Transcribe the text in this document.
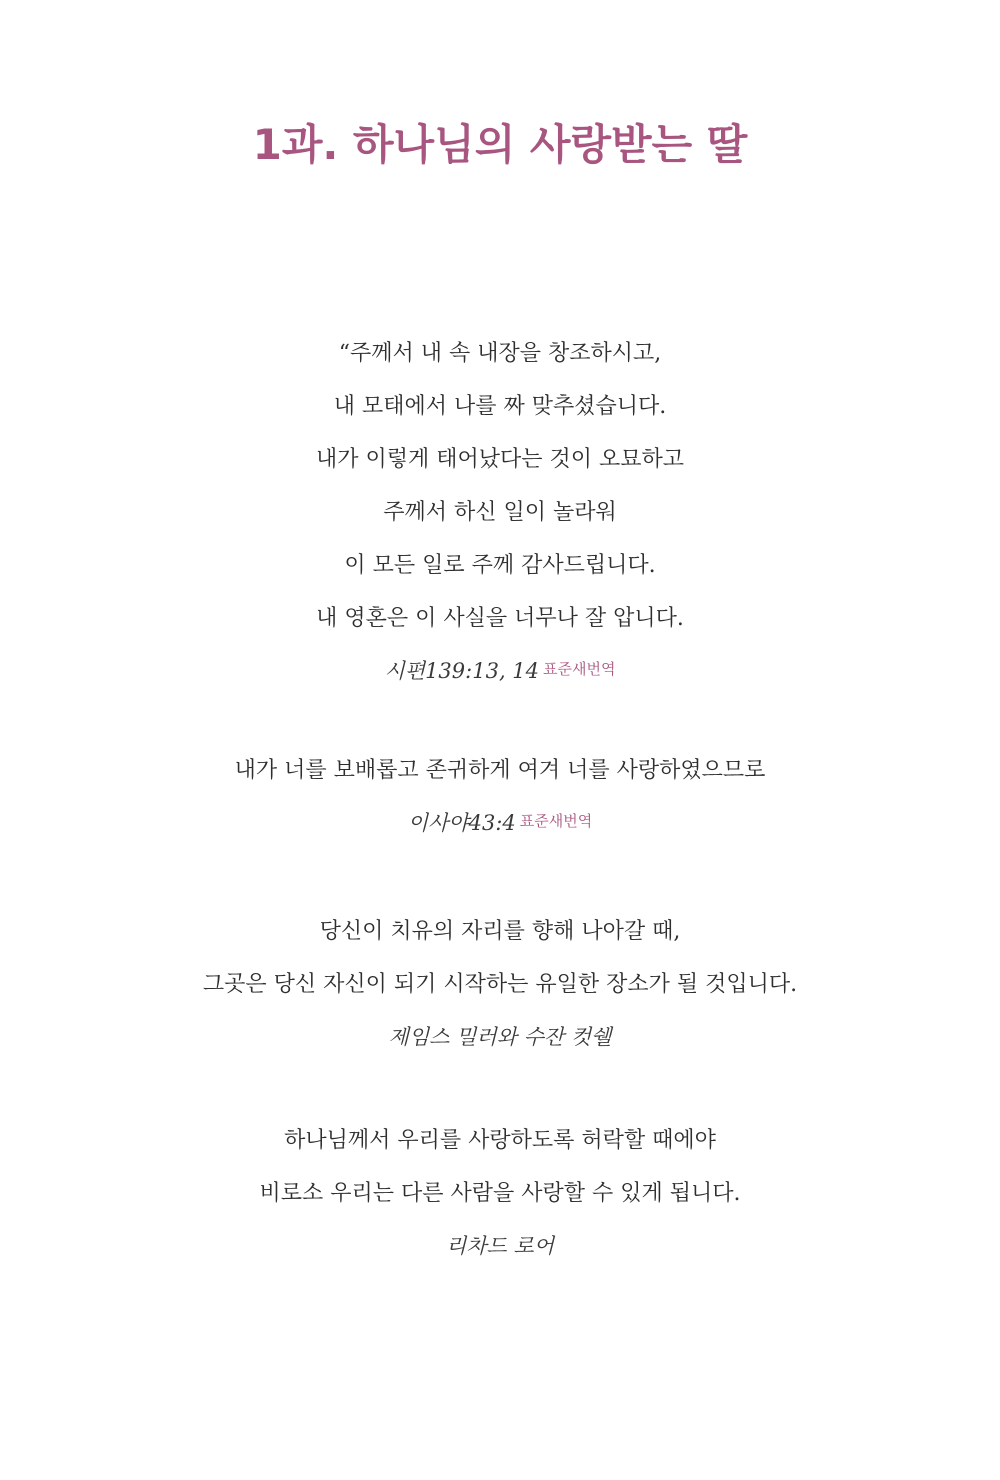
1과. 하나님의 사랑받는 딸
“주께서 내 속 내장을 창조하시고,
내 모태에서 나를 짜 맞추셨습니다.
내가 이렇게 태어났다는 것이 오묘하고
주께서 하신 일이 놀라워
이 모든 일로 주께 감사드립니다.
내 영혼은 이 사실을 너무나 잘 압니다.
시편139:13, 14 표준새번역
내가 너를 보배롭고 존귀하게 여겨 너를 사랑하였으므로
이사야43:4 표준새번역
당신이 치유의 자리를 향해 나아갈 때,
그곳은 당신 자신이 되기 시작하는 유일한 장소가 될 것입니다.
제임스 밀러와 수잔 컷쉘
하나님께서 우리를 사랑하도록 허락할 때에야
비로소 우리는 다른 사람을 사랑할 수 있게 됩니다.
리차드 로어
